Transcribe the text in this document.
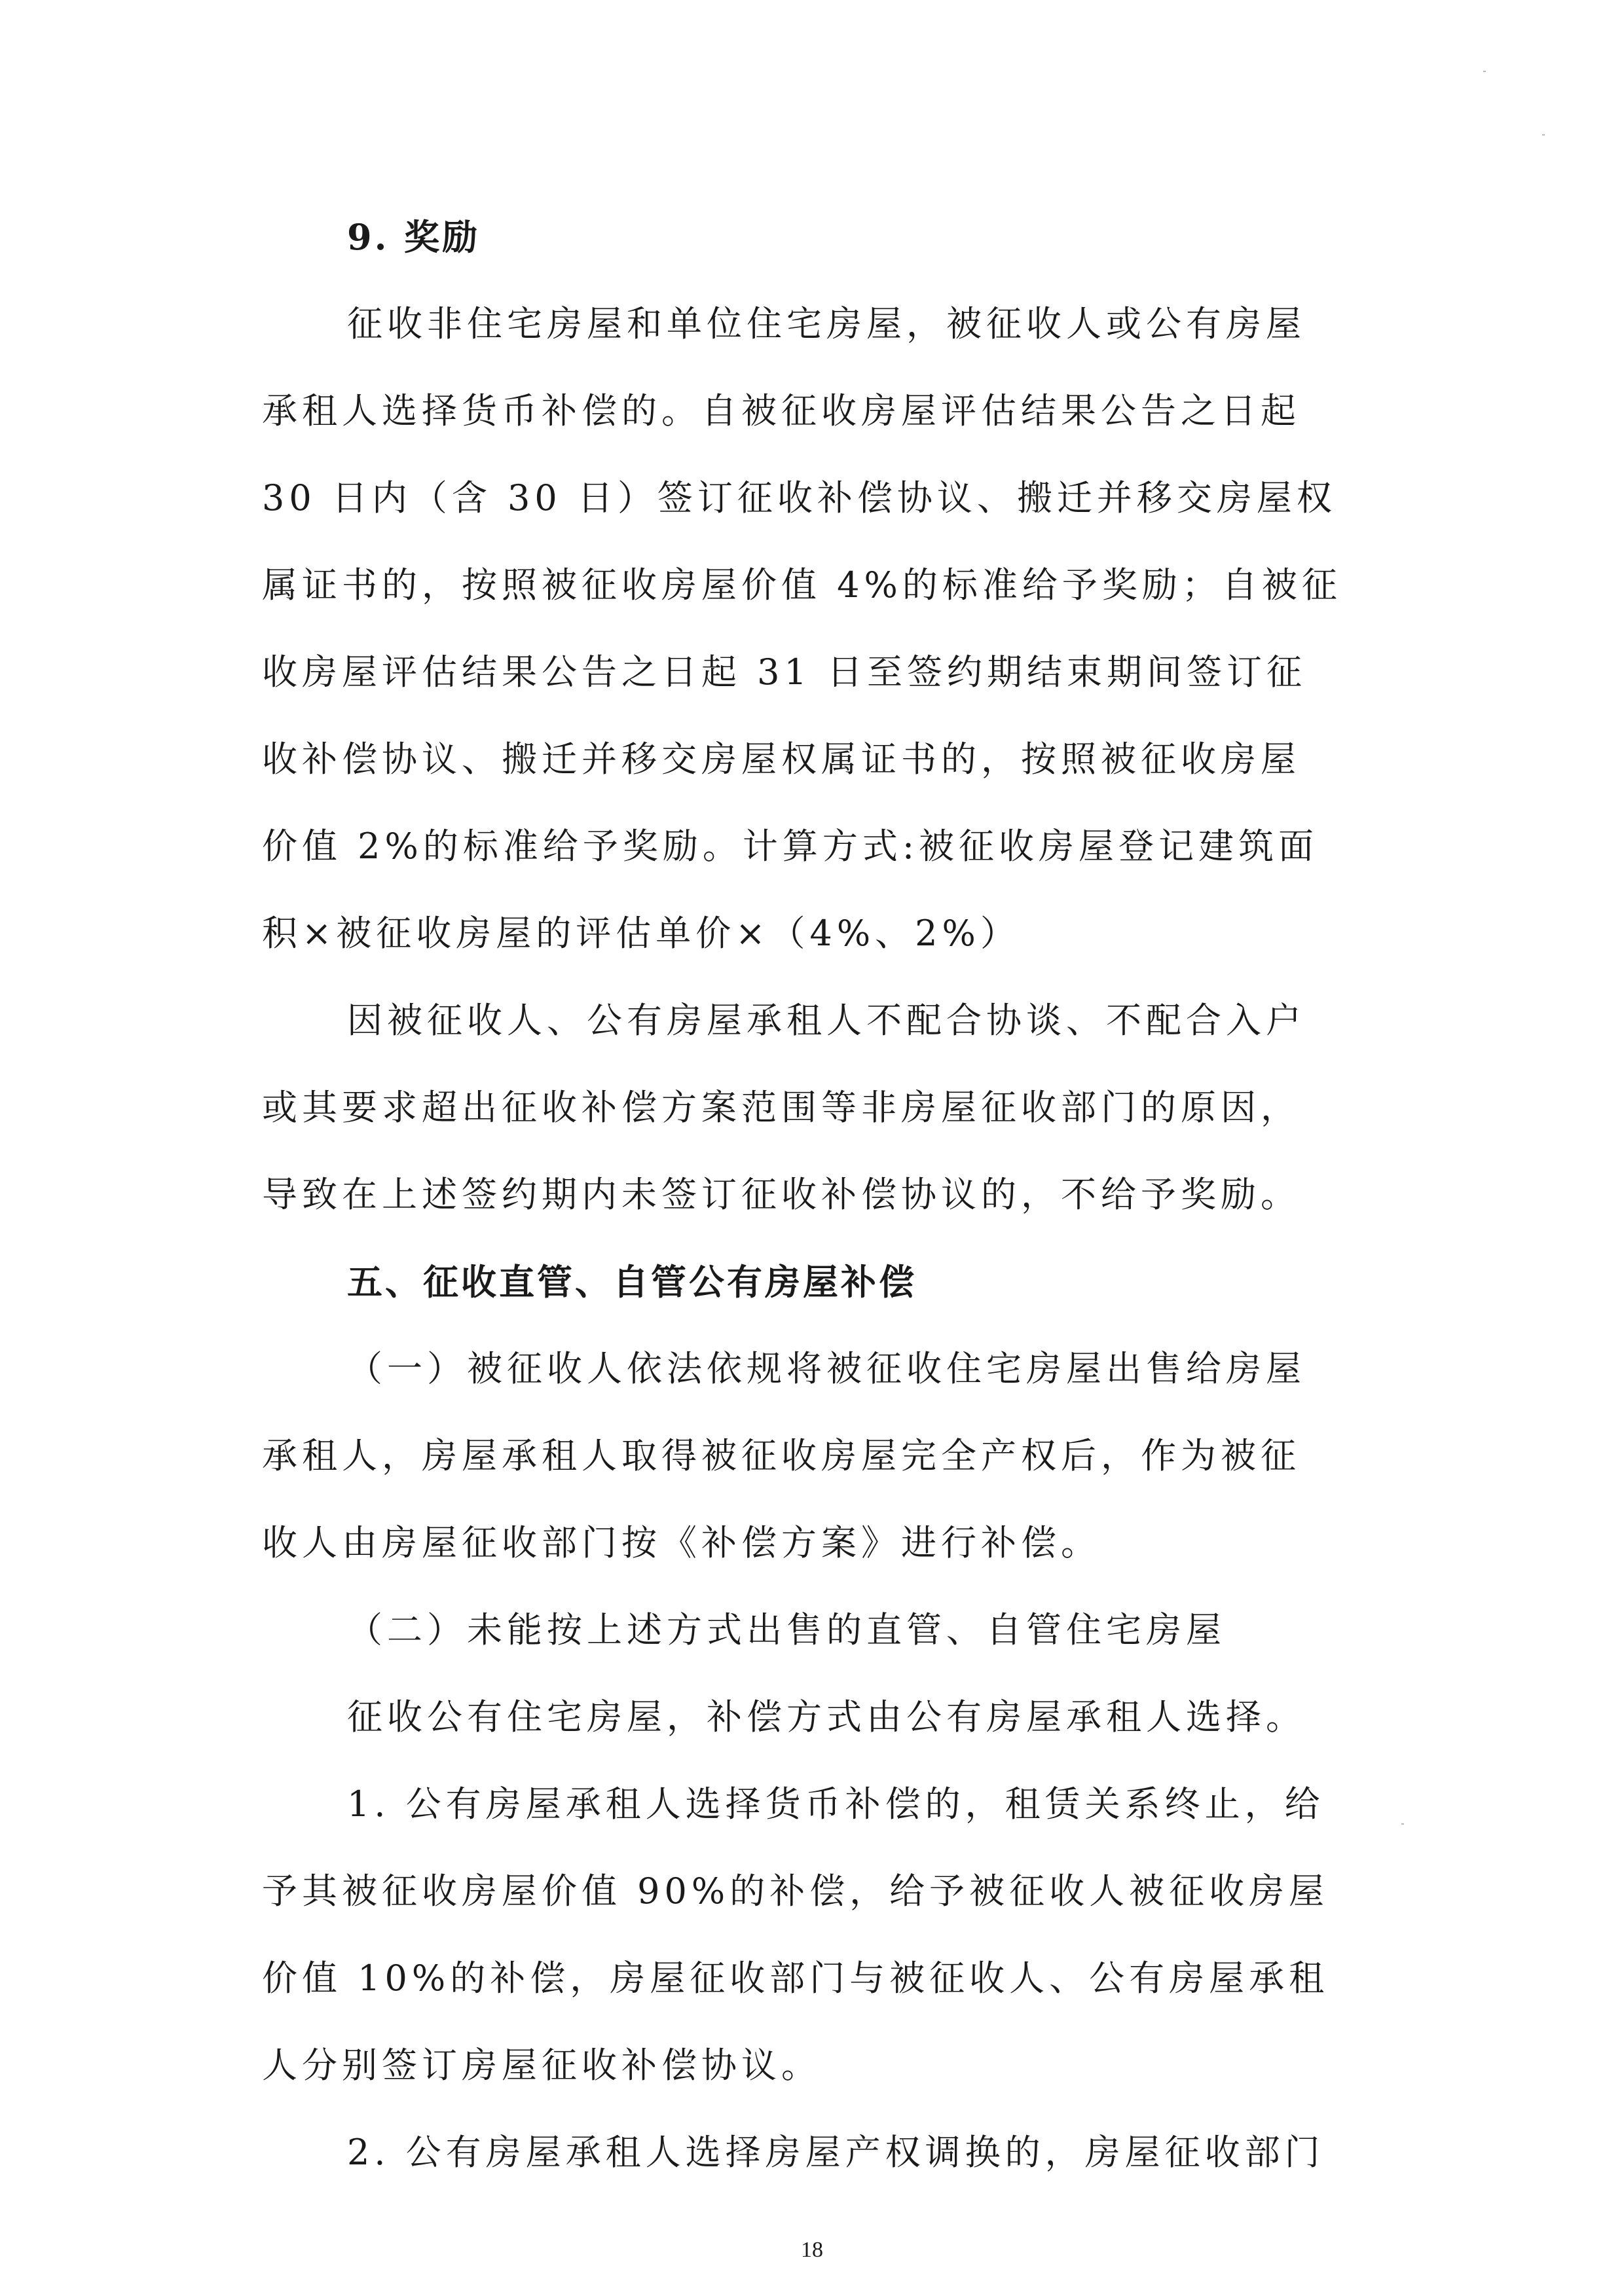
9. 奖励
征收非住宅房屋和单位住宅房屋，被征收人或公有房屋
承租人选择货币补偿的。自被征收房屋评估结果公告之日起
30 日内（含 30 日）签订征收补偿协议、搬迁并移交房屋权
属证书的，按照被征收房屋价值 4%的标准给予奖励；自被征
收房屋评估结果公告之日起 31 日至签约期结束期间签订征
收补偿协议、搬迁并移交房屋权属证书的，按照被征收房屋
价值 2%的标准给予奖励。计算方式:被征收房屋登记建筑面
积×被征收房屋的评估单价×（4%、2%）
因被征收人、公有房屋承租人不配合协谈、不配合入户
或其要求超出征收补偿方案范围等非房屋征收部门的原因，
导致在上述签约期内未签订征收补偿协议的，不给予奖励。
五、征收直管、自管公有房屋补偿
（一）被征收人依法依规将被征收住宅房屋出售给房屋
承租人，房屋承租人取得被征收房屋完全产权后，作为被征
收人由房屋征收部门按《补偿方案》进行补偿。
（二）未能按上述方式出售的直管、自管住宅房屋
征收公有住宅房屋，补偿方式由公有房屋承租人选择。
1. 公有房屋承租人选择货币补偿的，租赁关系终止，给
予其被征收房屋价值 90%的补偿，给予被征收人被征收房屋
价值 10%的补偿，房屋征收部门与被征收人、公有房屋承租
人分别签订房屋征收补偿协议。
2. 公有房屋承租人选择房屋产权调换的，房屋征收部门
18
